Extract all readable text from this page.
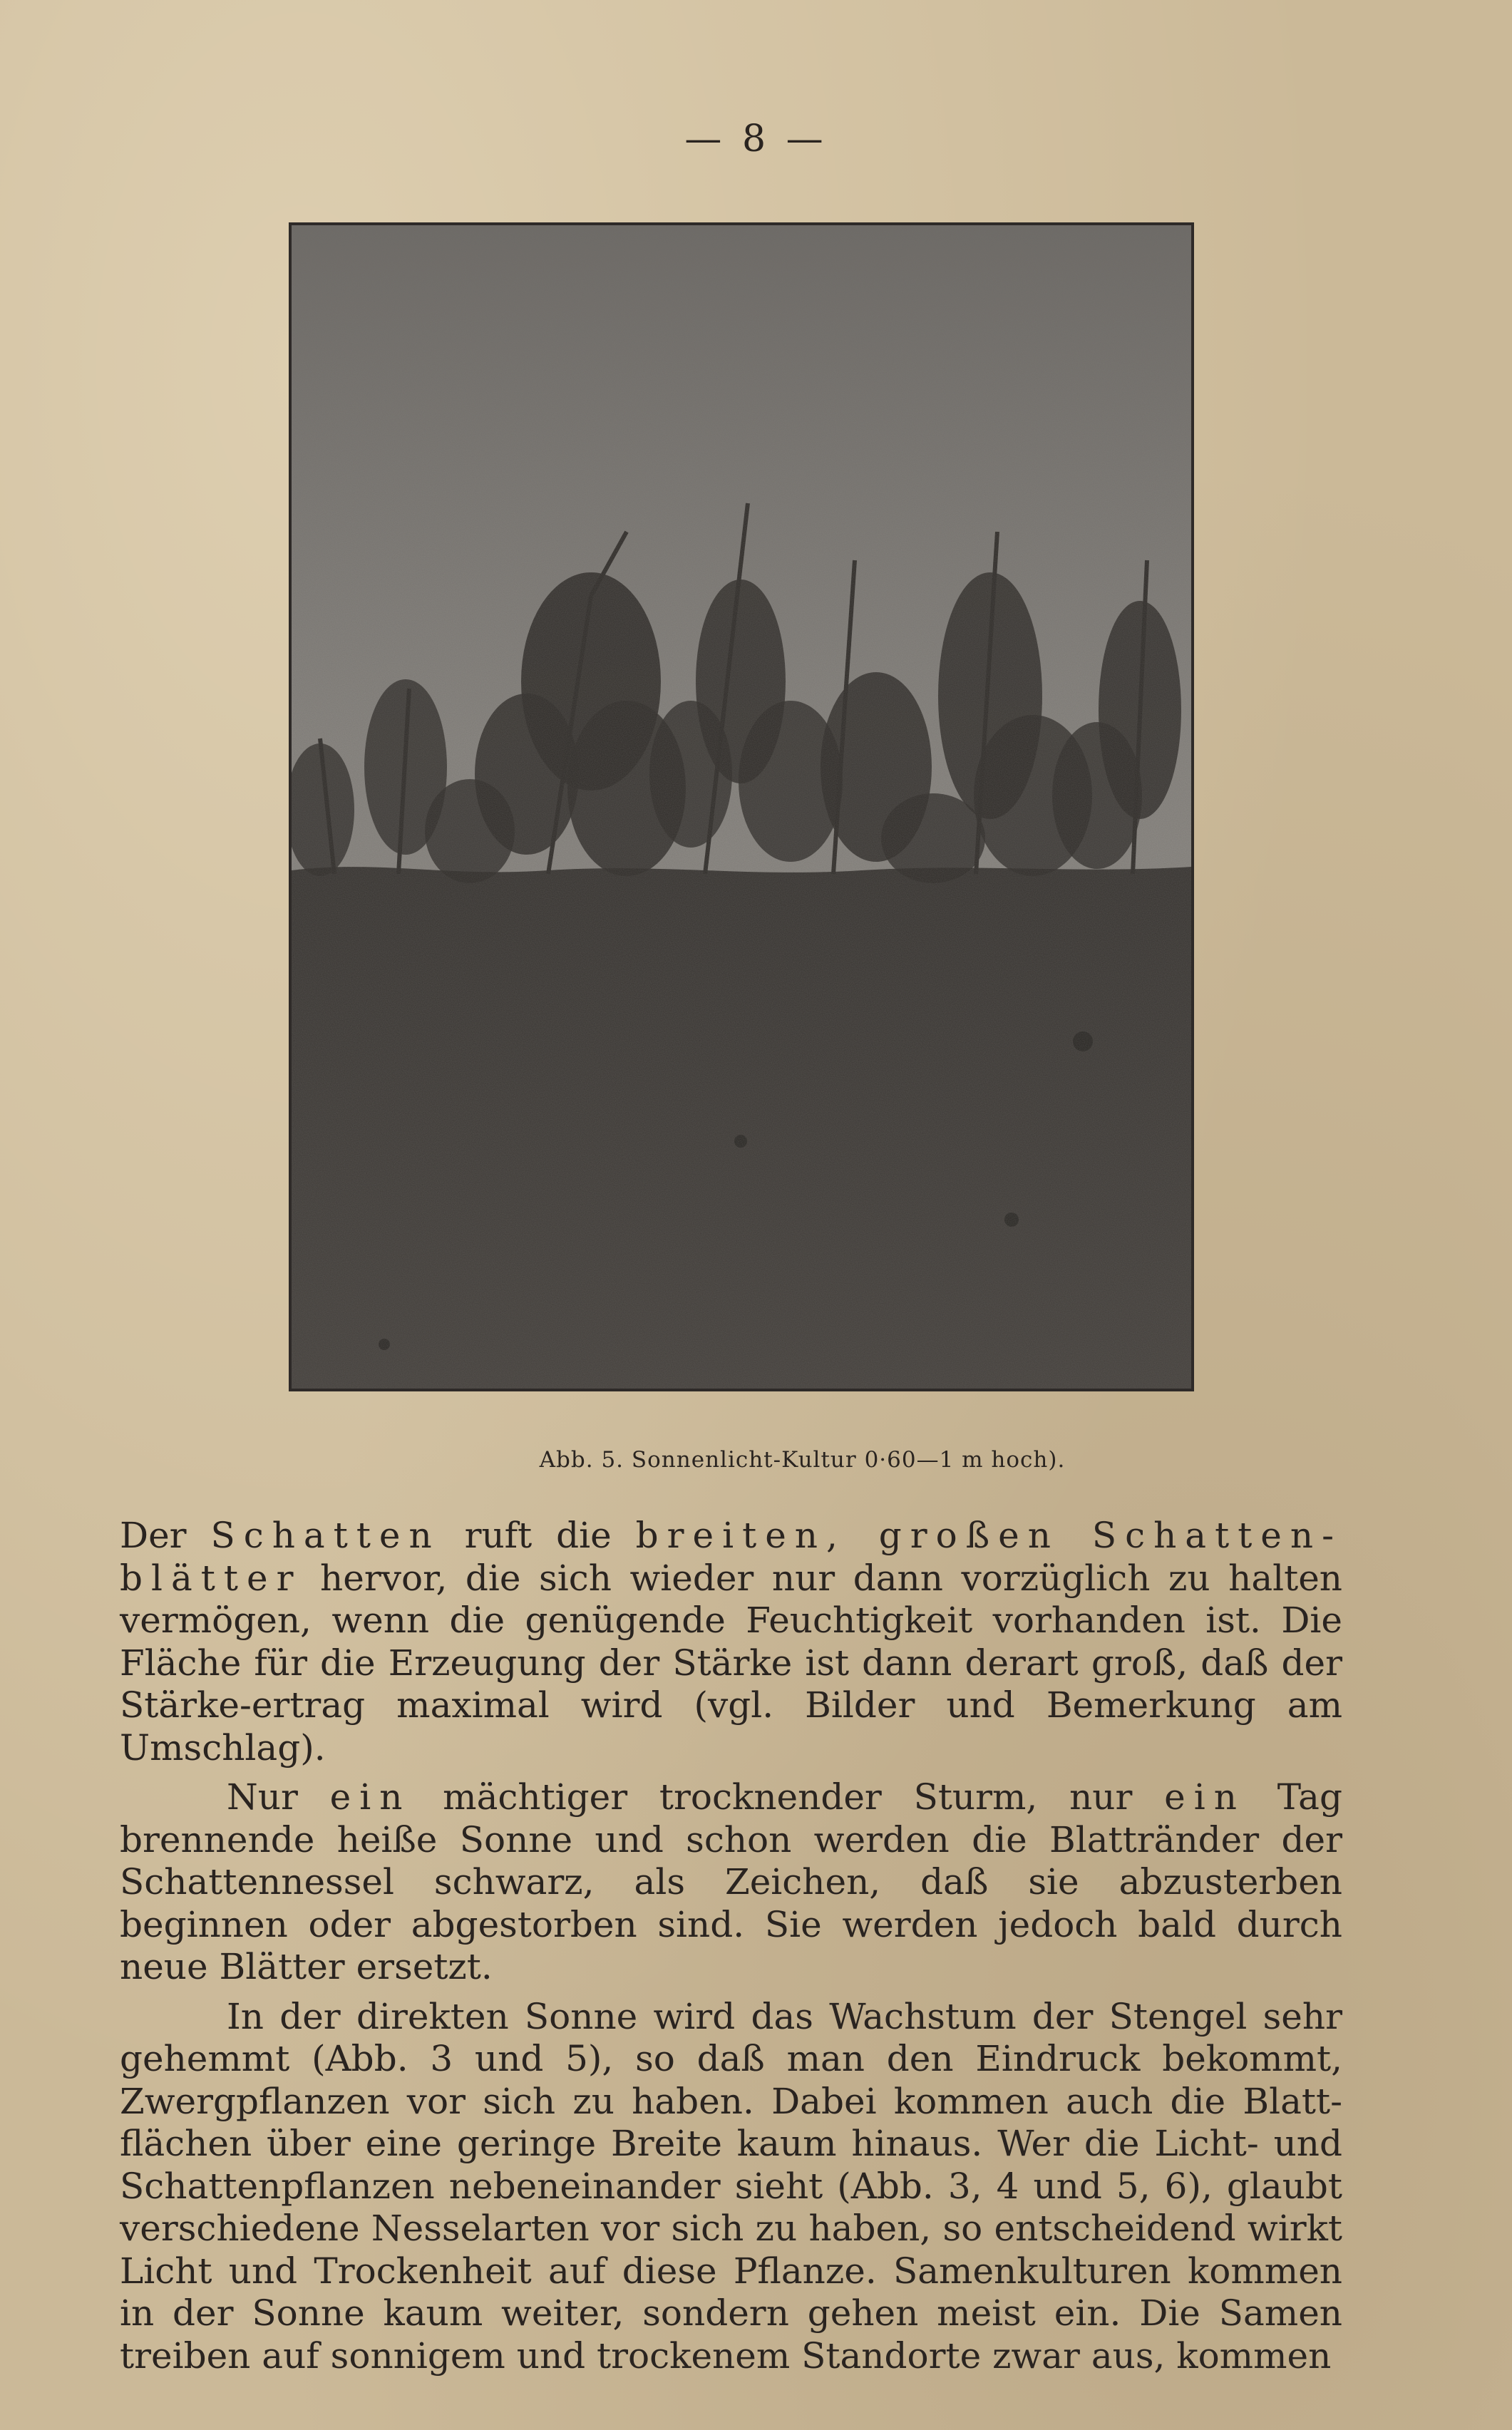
— 8 —
Abb. 5. Sonnenlicht-Kultur 0·60—1 m hoch).

Der Schatten ruft die breiten, großen Schatten-blätter hervor, die sich wieder nur dann vorzüglich zu halten vermögen, wenn die genügende Feuchtigkeit vorhanden ist. Die Fläche für die Erzeugung der Stärke ist dann derart groß, daß der Stärke-ertrag maximal wird (vgl. Bilder und Bemerkung am Umschlag).

Nur ein mächtiger trocknender Sturm, nur ein Tag brennende heiße Sonne und schon werden die Blattränder der Schattennessel schwarz, als Zeichen, daß sie abzusterben beginnen oder abgestorben sind. Sie werden jedoch bald durch neue Blätter ersetzt.

In der direkten Sonne wird das Wachstum der Stengel sehr gehemmt (Abb. 3 und 5), so daß man den Eindruck bekommt, Zwergpflanzen vor sich zu haben. Dabei kommen auch die Blatt-flächen über eine geringe Breite kaum hinaus. Wer die Licht- und Schattenpflanzen nebeneinander sieht (Abb. 3, 4 und 5, 6), glaubt verschiedene Nesselarten vor sich zu haben, so entscheidend wirkt Licht und Trockenheit auf diese Pflanze. Samenkulturen kommen in der Sonne kaum weiter, sondern gehen meist ein. Die Samen treiben auf sonnigem und trockenem Standorte zwar aus, kommen
